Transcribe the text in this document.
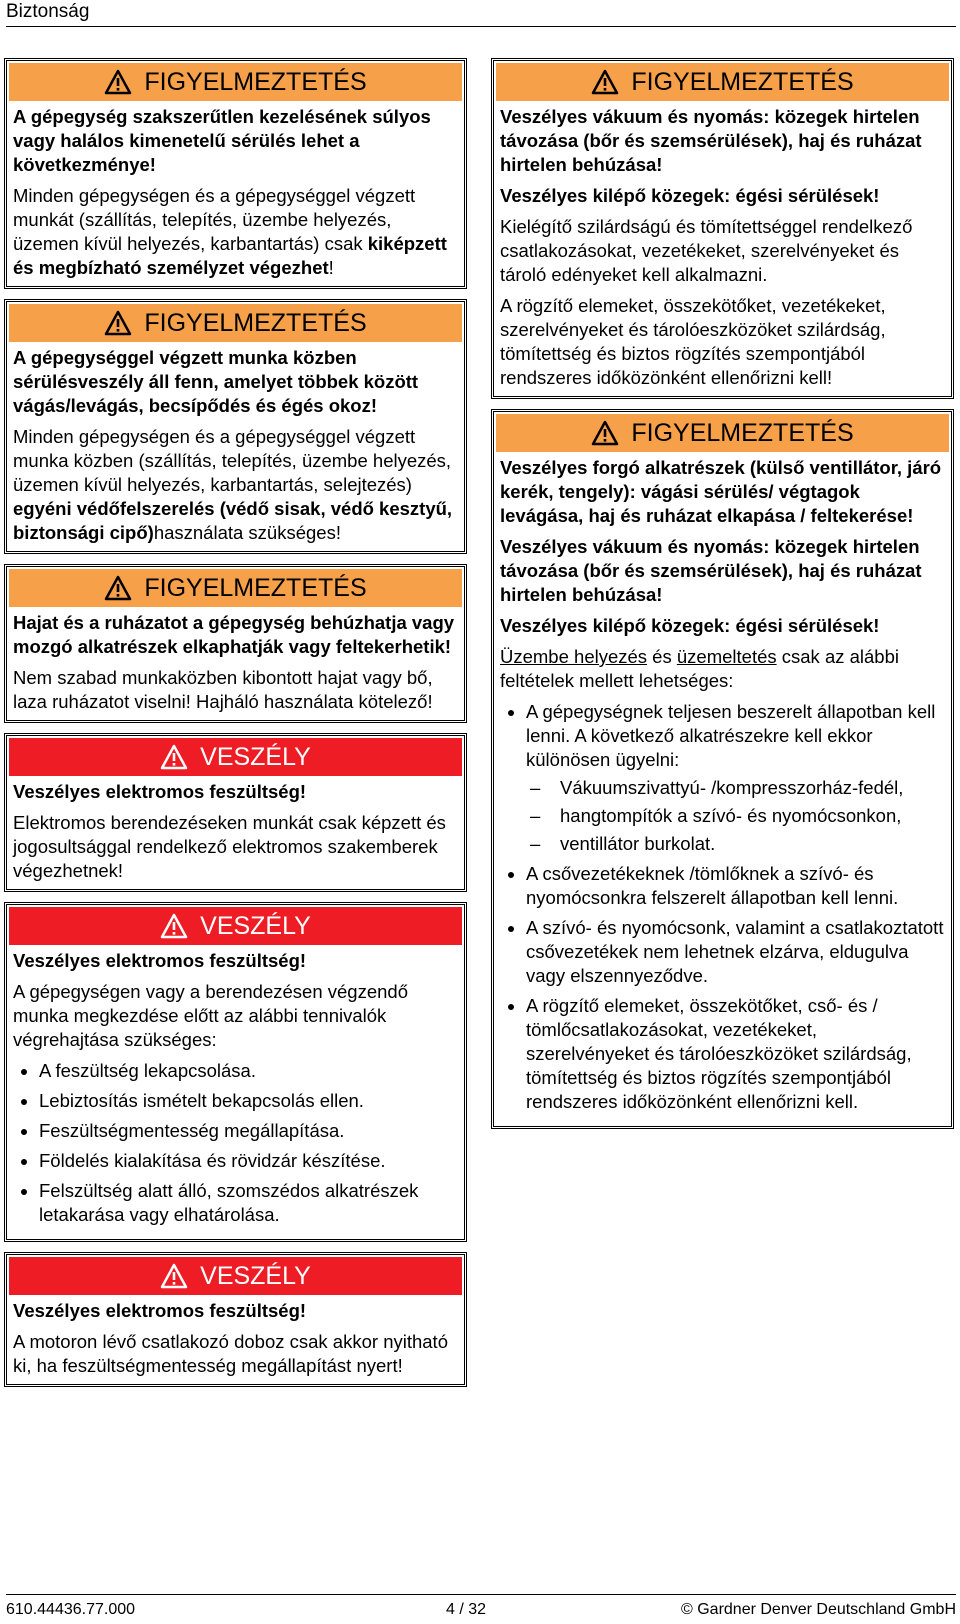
Biztonság
FIGYELMEZTETÉS

A gépegység szakszerűtlen kezelésének súlyos vagy halálos kimenetelű sérülés lehet a következménye!

Minden gépegységen és a gépegységgel végzett munkát (szállítás, telepítés, üzembe helyezés, üzemen kívül helyezés, karbantartás) csak kiképzett és megbízható személyzet végezhet!

FIGYELMEZTETÉS

A gépegységgel végzett munka közben sérülésveszély áll fenn, amelyet többek között vágás/levágás, becsípődés és égés okoz!

Minden gépegységen és a gépegységgel végzett munka közben (szállítás, telepítés, üzembe helyezés, üzemen kívül helyezés, karbantartás, selejtezés) egyéni védőfelszerelés (védő sisak, védő kesztyű, biztonsági cipő)használata szükséges!

FIGYELMEZTETÉS

Hajat és a ruházatot a gépegység behúzhatja vagy mozgó alkatrészek elkaphatják vagy feltekerhetik!

Nem szabad munkaközben kibontott hajat vagy bő, laza ruházatot viselni! Hajháló használata kötelező!

VESZÉLY

Veszélyes elektromos feszültség!

Elektromos berendezéseken munkát csak képzett és jogosultsággal rendelkező elektromos szakemberek végezhetnek!

VESZÉLY

Veszélyes elektromos feszültség!

A gépegységen vagy a berendezésen végzendő munka megkezdése előtt az alábbi tennivalók végrehajtása szükséges:

• A feszültség lekapcsolása.
• Lebiztosítás ismételt bekapcsolás ellen.
• Feszültségmentesség megállapítása.
• Földelés kialakítása és rövidzár készítése.
• Felszültség alatt álló, szomszédos alkatrészek letakarása vagy elhatárolása.
VESZÉLY

Veszélyes elektromos feszültség!

A motoron lévő csatlakozó doboz csak akkor nyitható ki, ha feszültségmentesség megállapítást nyert!

FIGYELMEZTETÉS

Veszélyes vákuum és nyomás: közegek hirtelen távozása (bőr és szemsérülések), haj és ruházat hirtelen behúzása!

Veszélyes kilépő közegek: égési sérülések!

Kielégítő szilárdságú és tömítettséggel rendelkező csatlakozásokat, vezetékeket, szerelvényeket és tároló edényeket kell alkalmazni.

A rögzítő elemeket, összekötőket, vezetékeket, szerelvényeket és tárolóeszközöket szilárdság, tömítettség és biztos rögzítés szempontjából rendszeres időközönként ellenőrizni kell!

FIGYELMEZTETÉS

Veszélyes forgó alkatrészek (külső ventillátor, járó kerék, tengely): vágási sérülés/ végtagok levágása, haj és ruházat elkapása / feltekerése!

Veszélyes vákuum és nyomás: közegek hirtelen távozása (bőr és szemsérülések), haj és ruházat hirtelen behúzása!

Veszélyes kilépő közegek: égési sérülések!

Üzembe helyezés és üzemeltetés csak az alábbi feltételek mellett lehetséges:

• A gépegységnek teljesen beszerelt állapotban kell lenni. A következő alkatrészekre kell ekkor különösen ügyelni:
–	Vákuumszivattyú- /kompresszorház-fedél,
–	hangtompítók a szívó- és nyomócsonkon,
–	ventillátor burkolat.
• A csővezetékeknek /tömlőknek a szívó- és nyomócsonkra felszerelt állapotban kell lenni.
• A szívó- és nyomócsonk, valamint a csatlakoztatott csővezetékek nem lehetnek elzárva, eldugulva vagy elszennyeződve.
• A rögzítő elemeket, összekötőket, cső- és / tömlőcsatlakozásokat, vezetékeket, szerelvényeket és tárolóeszközöket szilárdság, tömítettség és biztos rögzítés szempontjából rendszeres időközönként ellenőrizni kell.
610.44436.77.000	4 / 32	© Gardner Denver Deutschland GmbH
